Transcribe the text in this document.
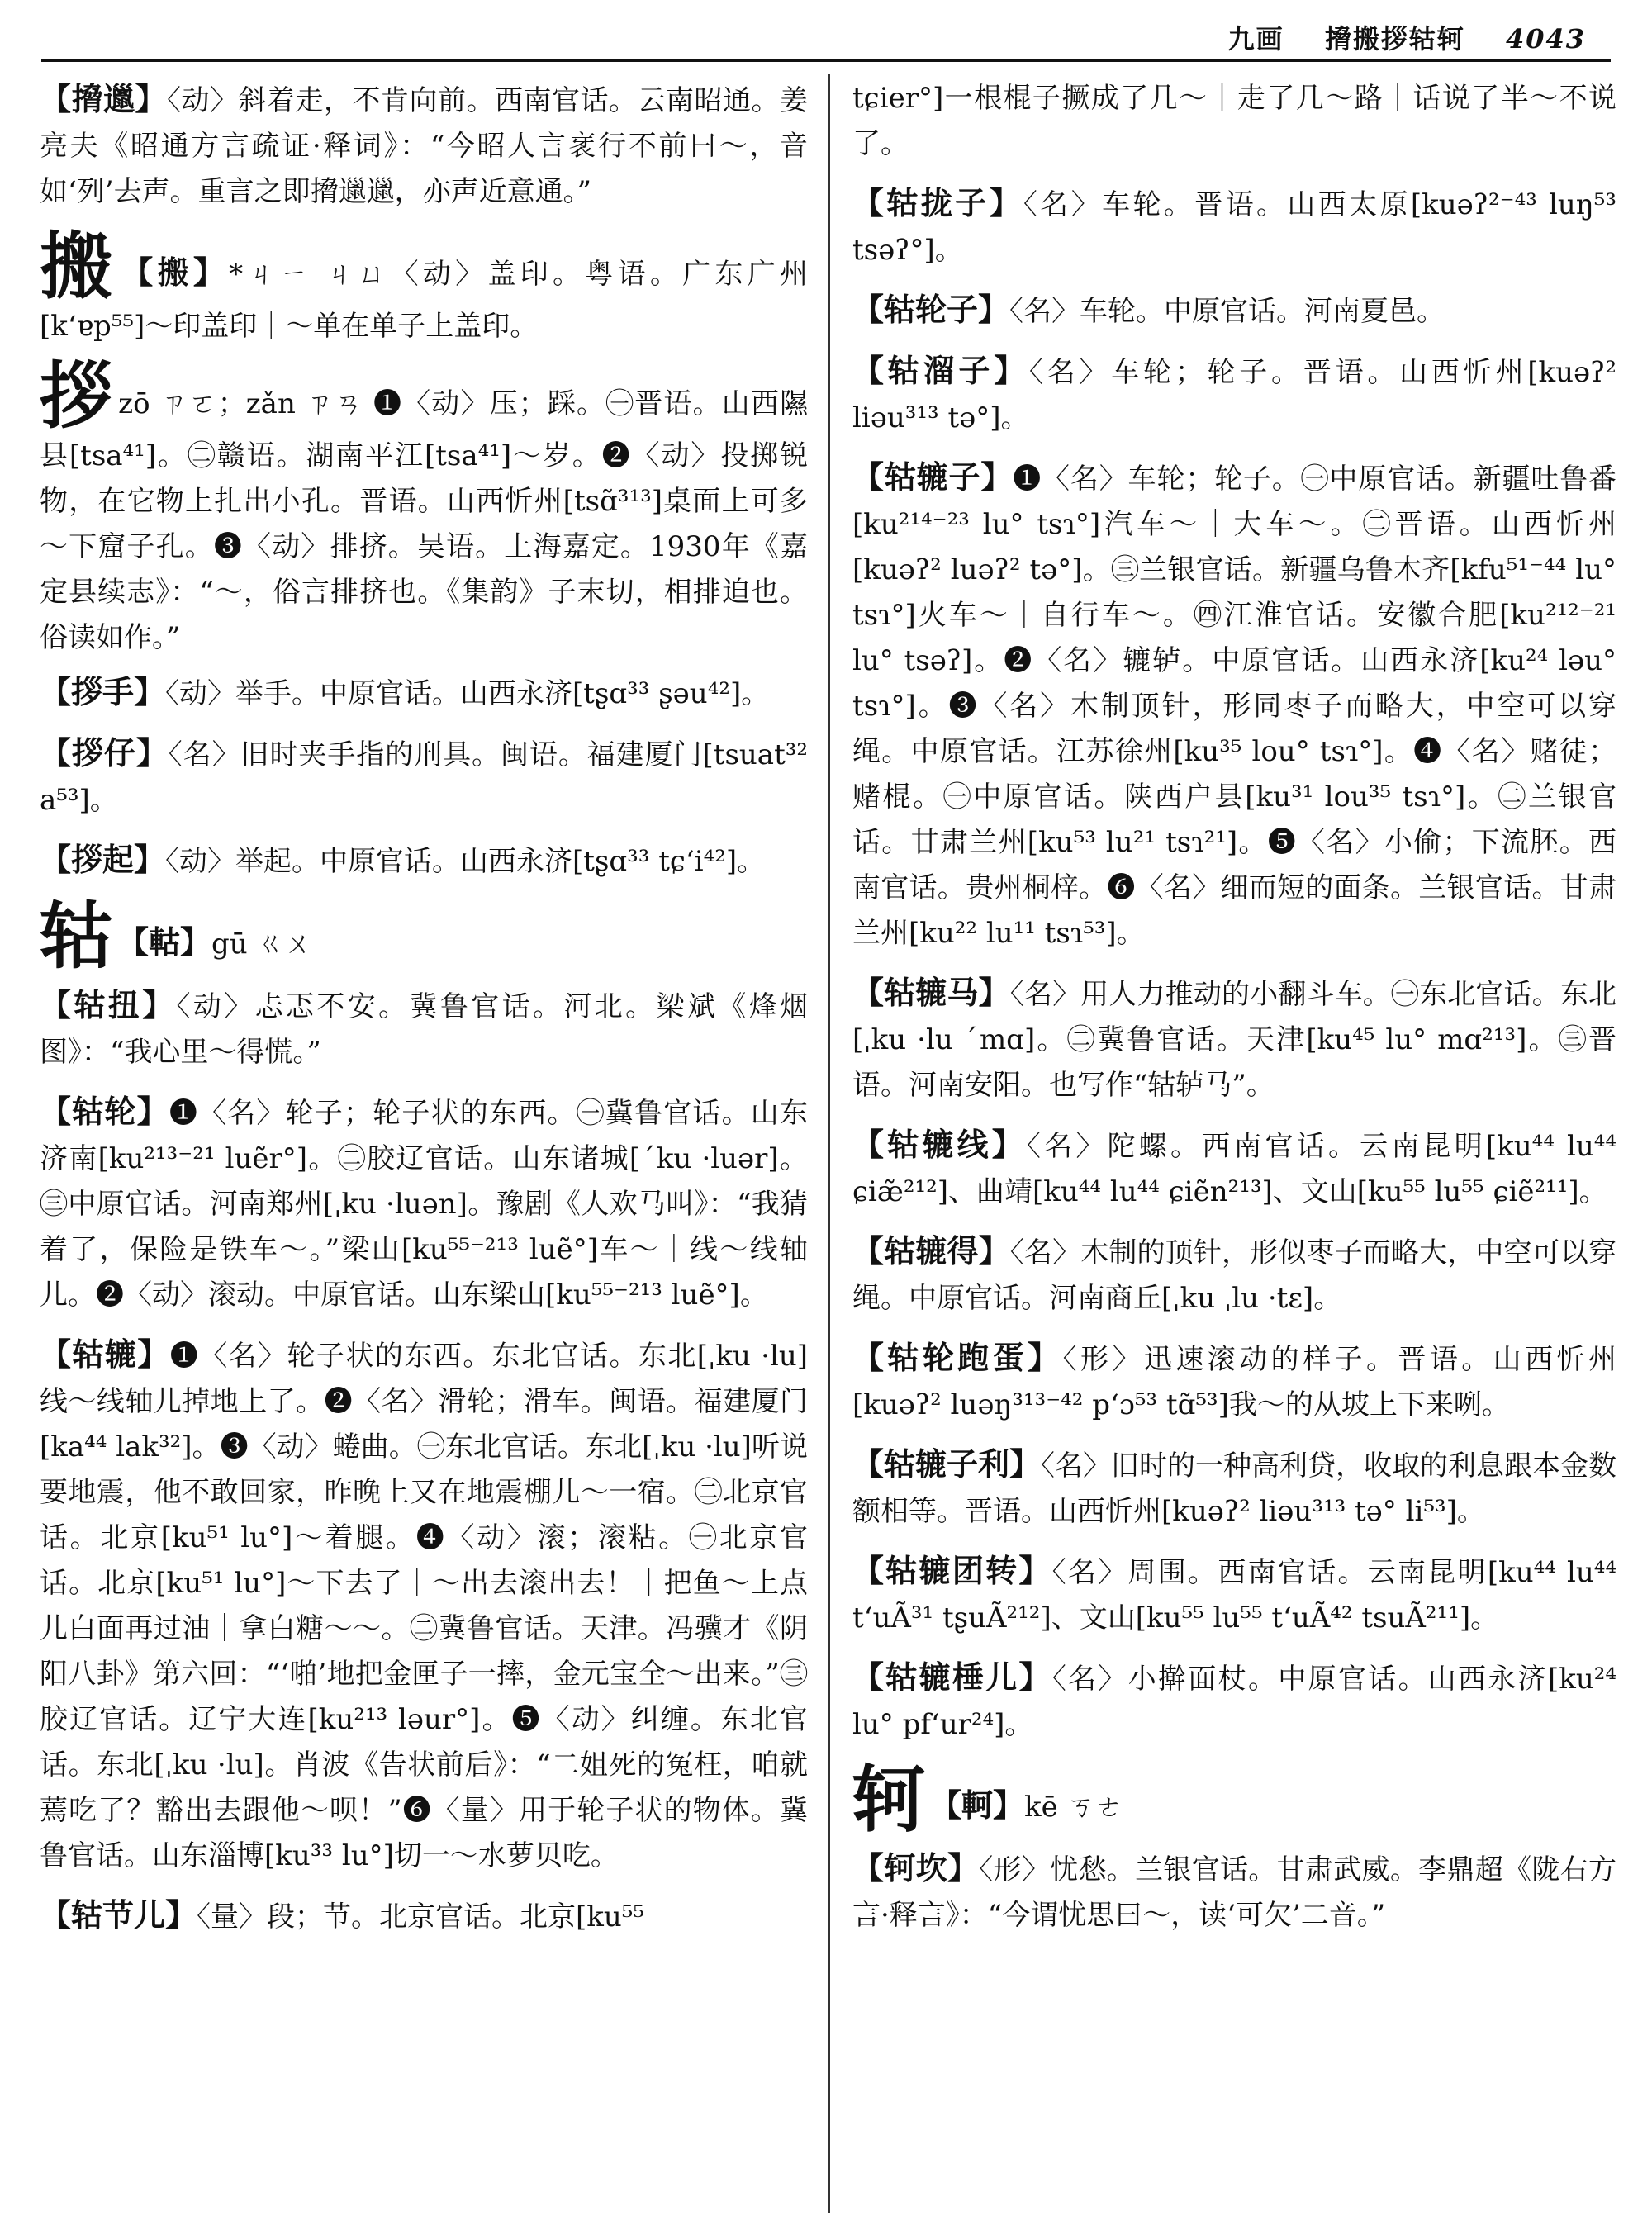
九画 搚搬拶轱轲 4043
【搚邋】〈动〉斜着走，不肯向前。西南官话。云南昭通。姜亮夫《昭通方言疏证·释词》：“今昭人言衺行不前曰～，音如‘列’去声。重言之即搚邋邋，亦声近意通。”
搬 【搬】*ㄐㄧ ㄐㄩ〈动〉盖印。粤语。广东广州[kʻɐp⁵⁵]～印盖印｜～单在单子上盖印。
拶zō ㄗㄛ；zǎn ㄗㄢ ❶〈动〉压；踩。㊀晋语。山西隰县[tsa⁴¹]。㊁赣语。湖南平江[tsa⁴¹]～岁。❷〈动〉投掷锐物，在它物上扎出小孔。晋语。山西忻州[tsɑ̃³¹³]桌面上可多～下窟子孔。❸〈动〉排挤。吴语。上海嘉定。1930年《嘉定县续志》：“～，俗言排挤也。《集韵》子末切，相排迫也。俗读如作。”
【拶手】〈动〉举手。中原官话。山西永济[tʂɑ³³ ʂəu⁴²]。
【拶仔】〈名〉旧时夹手指的刑具。闽语。福建厦门[tsuat³² a⁵³]。
【拶起】〈动〉举起。中原官话。山西永济[tʂɑ³³ tɕʻi⁴²]。
轱 【軲】gū ㄍㄨ
【轱扭】〈动〉忐忑不安。冀鲁官话。河北。梁斌《烽烟图》：“我心里～得慌。”
【轱轮】❶〈名〉轮子；轮子状的东西。㊀冀鲁官话。山东济南[ku²¹³⁻²¹ luẽr°]。㊁胶辽官话。山东诸城[ˊku ·luər]。㊂中原官话。河南郑州[ˌku ·luən]。豫剧《人欢马叫》：“我猜着了，保险是铁车～。”梁山[ku⁵⁵⁻²¹³ luẽ°]车～｜线～线轴儿。❷〈动〉滚动。中原官话。山东梁山[ku⁵⁵⁻²¹³ luẽ°]。
【轱辘】❶〈名〉轮子状的东西。东北官话。东北[ˌku ·lu]线～线轴儿掉地上了。❷〈名〉滑轮；滑车。闽语。福建厦门[ka⁴⁴ lak³²]。❸〈动〉蜷曲。㊀东北官话。东北[ˌku ·lu]听说要地震，他不敢回家，昨晚上又在地震棚儿～一宿。㊁北京官话。北京[ku⁵¹ lu°]～着腿。❹〈动〉滚；滚粘。㊀北京官话。北京[ku⁵¹ lu°]～下去了｜～出去滚出去！｜把鱼～上点儿白面再过油｜拿白糖～～。㊁冀鲁官话。天津。冯骥才《阴阳八卦》第六回：“‘啪’地把金匣子一摔，金元宝全～出来。”㊂胶辽官话。辽宁大连[ku²¹³ ləur°]。❺〈动〉纠缠。东北官话。东北[ˌku ·lu]。肖波《告状前后》：“二姐死的冤枉，咱就蔫吃了？豁出去跟他～呗！”❻〈量〉用于轮子状的物体。冀鲁官话。山东淄博[ku³³ lu°]切一～水萝贝吃。
【轱节儿】〈量〉段；节。北京官话。北京[ku⁵⁵
tɕier°]一根棍子撅成了几～｜走了几～路｜话说了半～不说了。
【轱拢子】〈名〉车轮。晋语。山西太原[kuəʔ²⁻⁴³ luŋ⁵³ tsəʔ°]。
【轱轮子】〈名〉车轮。中原官话。河南夏邑。
【轱溜子】〈名〉车轮；轮子。晋语。山西忻州[kuəʔ² liəu³¹³ tə°]。
【轱辘子】❶〈名〉车轮；轮子。㊀中原官话。新疆吐鲁番[ku²¹⁴⁻²³ lu° tsɿ°]汽车～｜大车～。㊁晋语。山西忻州[kuəʔ² luəʔ² tə°]。㊂兰银官话。新疆乌鲁木齐[kfu⁵¹⁻⁴⁴ lu° tsɿ°]火车～｜自行车～。㊃江淮官话。安徽合肥[ku²¹²⁻²¹ lu° tsəʔ]。❷〈名〉辘轳。中原官话。山西永济[ku²⁴ ləu° tsɿ°]。❸〈名〉木制顶针，形同枣子而略大，中空可以穿绳。中原官话。江苏徐州[ku³⁵ lou° tsɿ°]。❹〈名〉赌徒；赌棍。㊀中原官话。陕西户县[ku³¹ lou³⁵ tsɿ°]。㊁兰银官话。甘肃兰州[ku⁵³ lu²¹ tsɿ²¹]。❺〈名〉小偷；下流胚。西南官话。贵州桐梓。❻〈名〉细而短的面条。兰银官话。甘肃兰州[ku²² lu¹¹ tsɿ⁵³]。
【轱辘马】〈名〉用人力推动的小翻斗车。㊀东北官话。东北[ˌku ·lu ˊmɑ]。㊁冀鲁官话。天津[ku⁴⁵ lu° mɑ²¹³]。㊂晋语。河南安阳。也写作“轱轳马”。
【轱辘线】〈名〉陀螺。西南官话。云南昆明[ku⁴⁴ lu⁴⁴ ɕiæ̃²¹²]、曲靖[ku⁴⁴ lu⁴⁴ ɕiẽn²¹³]、文山[ku⁵⁵ lu⁵⁵ ɕiẽ²¹¹]。
【轱辘得】〈名〉木制的顶针，形似枣子而略大，中空可以穿绳。中原官话。河南商丘[ˌku ˌlu ·tɛ]。
【轱轮跑蛋】〈形〉迅速滚动的样子。晋语。山西忻州[kuəʔ² luəŋ³¹³⁻⁴² pʻɔ⁵³ tɑ̃⁵³]我～的从坡上下来咧。
【轱辘子利】〈名〉旧时的一种高利贷，收取的利息跟本金数额相等。晋语。山西忻州[kuəʔ² liəu³¹³ tə° li⁵³]。
【轱辘团转】〈名〉周围。西南官话。云南昆明[ku⁴⁴ lu⁴⁴ tʻuÃ³¹ tʂuÃ²¹²]、文山[ku⁵⁵ lu⁵⁵ tʻuÃ⁴² tsuÃ²¹¹]。
【轱辘棰儿】〈名〉小擀面杖。中原官话。山西永济[ku²⁴ lu° pfʻur²⁴]。
轲 【軻】kē ㄎㄜ
【轲坎】〈形〉忧愁。兰银官话。甘肃武威。李鼎超《陇右方言·释言》：“今谓忧思曰～，读‘可欠’二音。”
